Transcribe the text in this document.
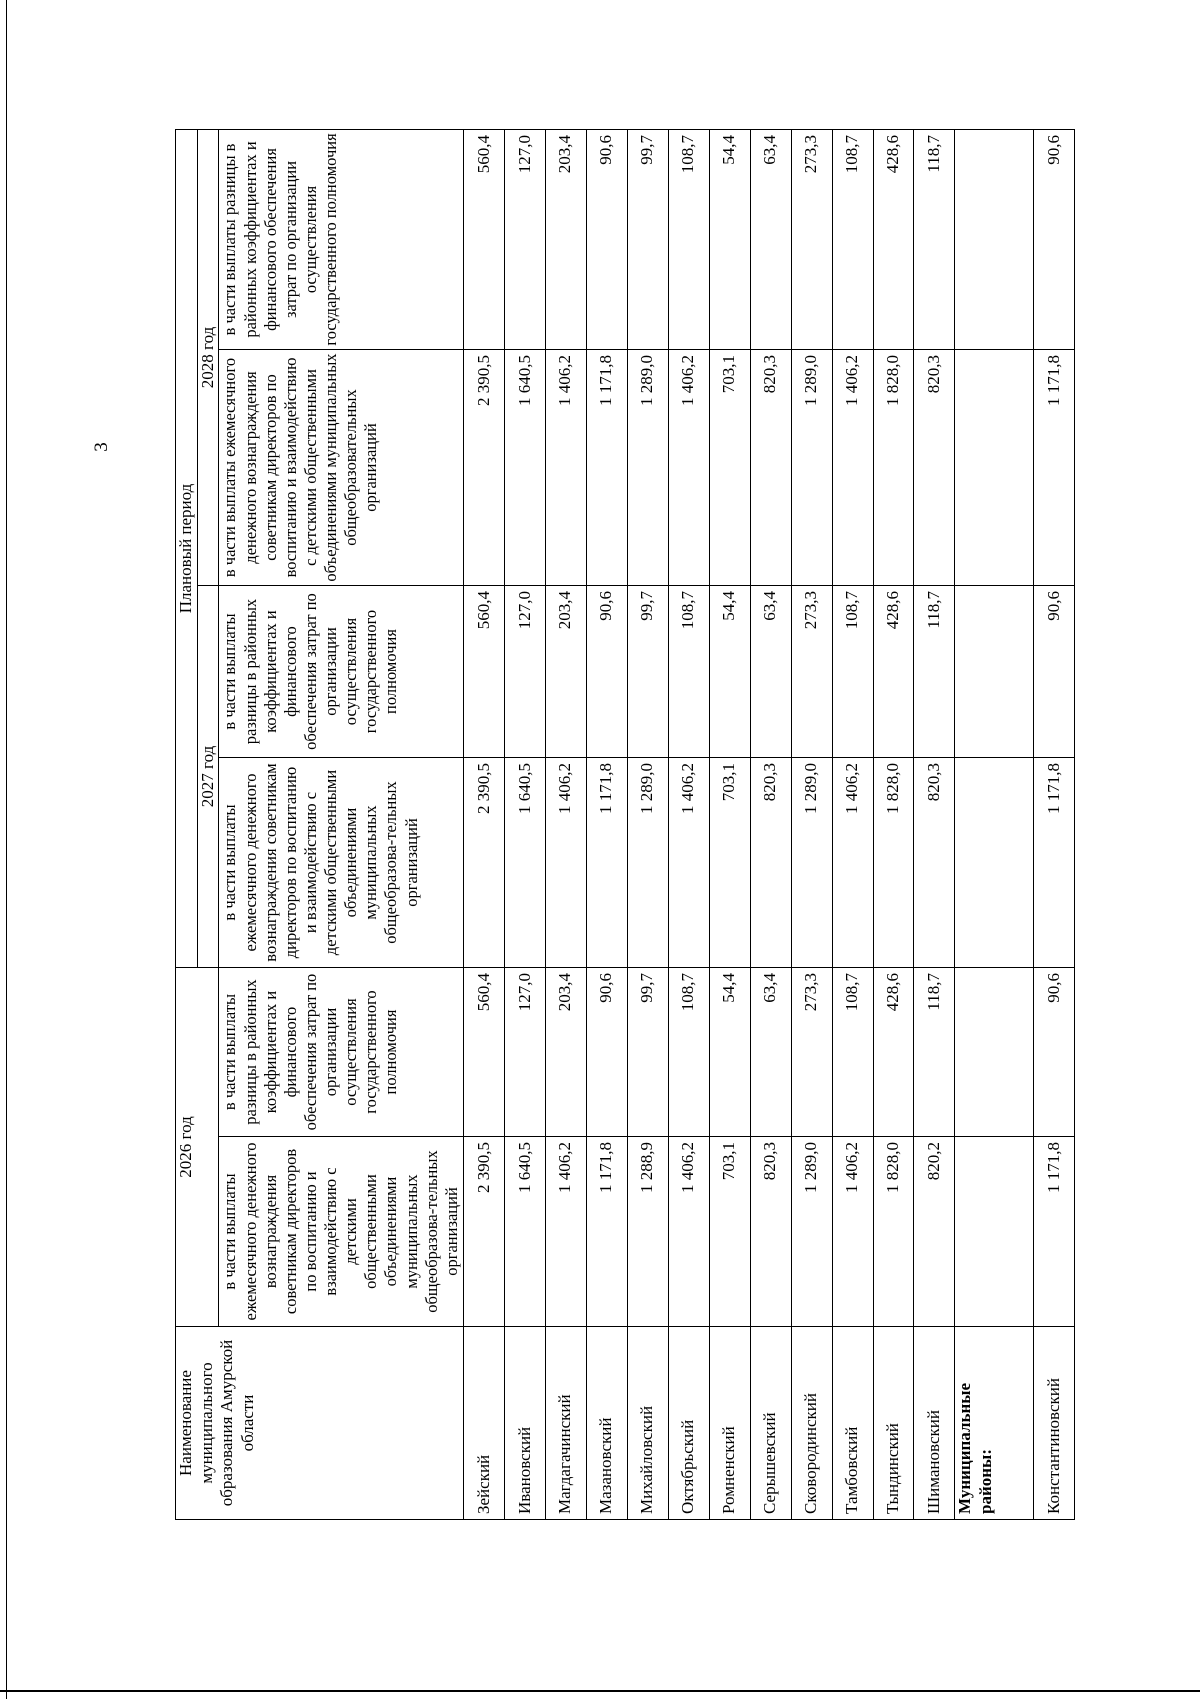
3
Наименование муниципального образования Амурской области	2026 год		Плановый период			
			2027 год		2028 год	
	в части выплаты ежемесячного денежного вознаграждения советникам директоров по воспитанию и взаимодействию с детскими общественными объединениями муниципальных общеобразова-тельных организаций	в части выплаты разницы в районных коэффициентах и финансового обеспечения затрат по организации осуществления государственного полномочия	в части выплаты ежемесячного денежного вознаграждения советникам директоров по воспитанию и взаимодействию с детскими общественными объединениями муниципальных общеобразова-тельных организаций	в части выплаты разницы в районных коэффициентах и финансового обеспечения затрат по организации осуществления государственного полномочия	в части выплаты ежемесячного денежного вознаграждения советникам директоров по воспитанию и взаимодействию с детскими общественными объединениями муниципальных общеобразовательных организаций	в части выплаты разницы в районных коэффициентах и финансового обеспечения затрат по организации осуществления государственного полномочия
Зейский	2 390,5	560,4	2 390,5	560,4	2 390,5	560,4
Ивановский	1 640,5	127,0	1 640,5	127,0	1 640,5	127,0
Магдагачинский	1 406,2	203,4	1 406,2	203,4	1 406,2	203,4
Мазановский	1 171,8	90,6	1 171,8	90,6	1 171,8	90,6
Михайловский	1 288,9	99,7	1 289,0	99,7	1 289,0	99,7
Октябрьский	1 406,2	108,7	1 406,2	108,7	1 406,2	108,7
Ромненский	703,1	54,4	703,1	54,4	703,1	54,4
Серышевский	820,3	63,4	820,3	63,4	820,3	63,4
Сковородинский	1 289,0	273,3	1 289,0	273,3	1 289,0	273,3
Тамбовский	1 406,2	108,7	1 406,2	108,7	1 406,2	108,7
Тындинский	1 828,0	428,6	1 828,0	428,6	1 828,0	428,6
Шимановский	820,2	118,7	820,3	118,7	820,3	118,7
Муниципальные районы:						
Константиновский	1 171,8	90,6	1 171,8	90,6	1 171,8	90,6
